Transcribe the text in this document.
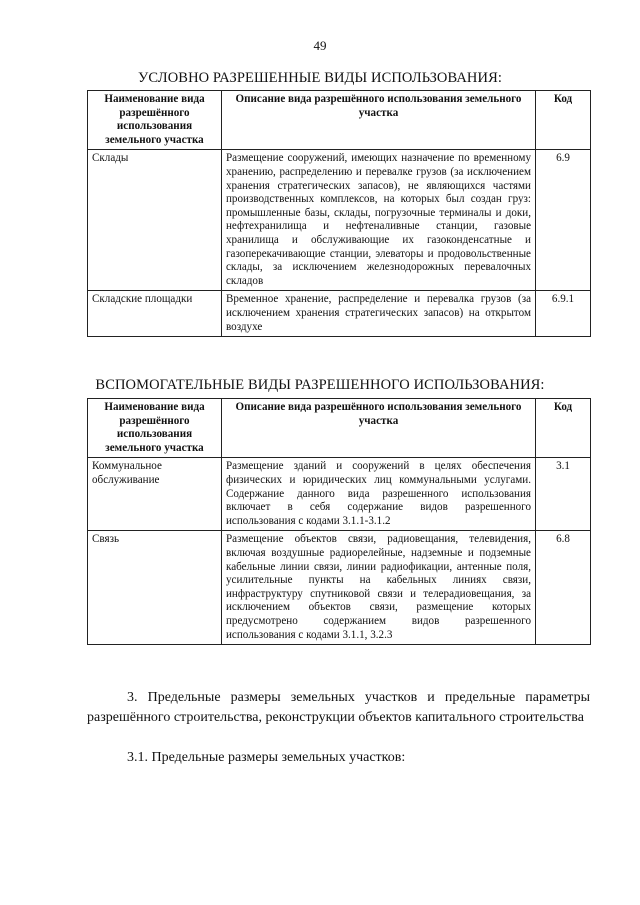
49
УСЛОВНО РАЗРЕШЕННЫЕ ВИДЫ ИСПОЛЬЗОВАНИЯ:
Наименование вида разрешённого использования земельного участка	Описание вида разрешённого использования земельного участка	Код
Склады	Размещение сооружений, имеющих назначение по временному хранению, распределению и перевалке грузов (за исключением хранения стратегических запасов), не являющихся частями производственных комплексов, на которых был создан груз: промышленные базы, склады, погрузочные терминалы и доки, нефтехранилища и нефтеналивные станции, газовые хранилища и обслуживающие их газоконденсатные и газоперекачивающие станции, элеваторы и продовольственные склады, за исключением железнодорожных перевалочных складов	6.9
Складские площадки	Временное хранение, распределение и перевалка грузов (за исключением хранения стратегических запасов) на открытом воздухе	6.9.1
ВСПОМОГАТЕЛЬНЫЕ ВИДЫ РАЗРЕШЕННОГО ИСПОЛЬЗОВАНИЯ:
Наименование вида разрешённого использования земельного участка	Описание вида разрешённого использования земельного участка	Код
Коммунальное обслуживание	Размещение зданий и сооружений в целях обеспечения физических и юридических лиц коммунальными услугами. Содержание данного вида разрешенного использования включает в себя содержание видов разрешенного использования с кодами 3.1.1-3.1.2	3.1
Связь	Размещение объектов связи, радиовещания, телевидения, включая воздушные радиорелейные, надземные и подземные кабельные линии связи, линии радиофикации, антенные поля, усилительные пункты на кабельных линиях связи, инфраструктуру спутниковой связи и телерадиовещания, за исключением объектов связи, размещение которых предусмотрено содержанием видов разрешенного использования с кодами 3.1.1, 3.2.3	6.8
3. Предельные размеры земельных участков и предельные параметры разрешённого строительства, реконструкции объектов капитального строительства
3.1. Предельные размеры земельных участков:
